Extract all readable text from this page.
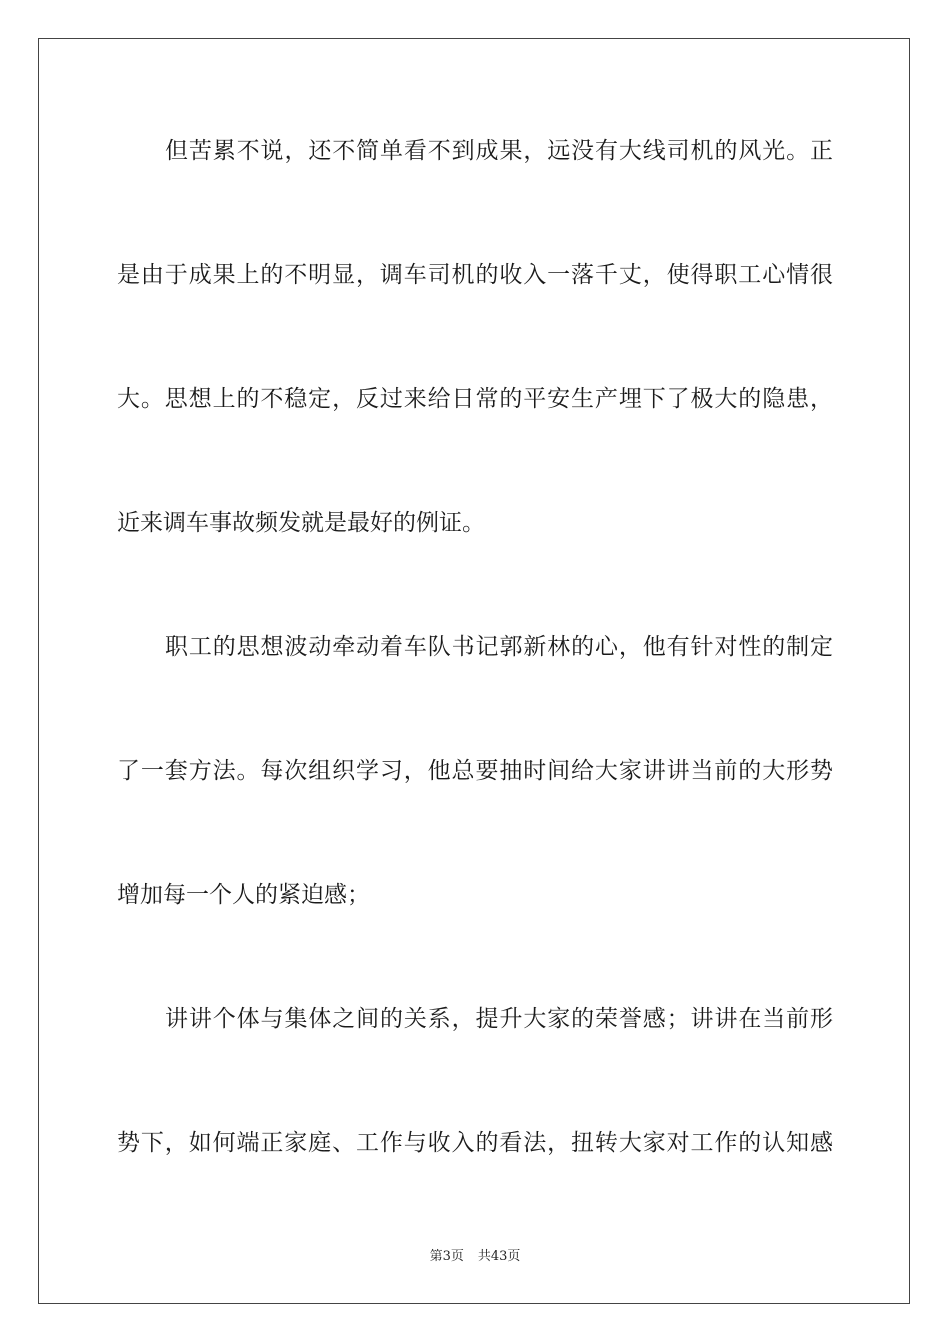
但苦累不说，还不简单看不到成果，远没有大线司机的风光。正
是由于成果上的不明显，调车司机的收入一落千丈，使得职工心情很
大。思想上的不稳定，反过来给日常的平安生产埋下了极大的隐患，
近来调车事故频发就是最好的例证。
职工的思想波动牵动着车队书记郭新林的心，他有针对性的制定
了一套方法。每次组织学习，他总要抽时间给大家讲讲当前的大形势
增加每一个人的紧迫感；
讲讲个体与集体之间的关系，提升大家的荣誉感；讲讲在当前形
势下，如何端正家庭、工作与收入的看法，扭转大家对工作的认知感
第3页 共43页
